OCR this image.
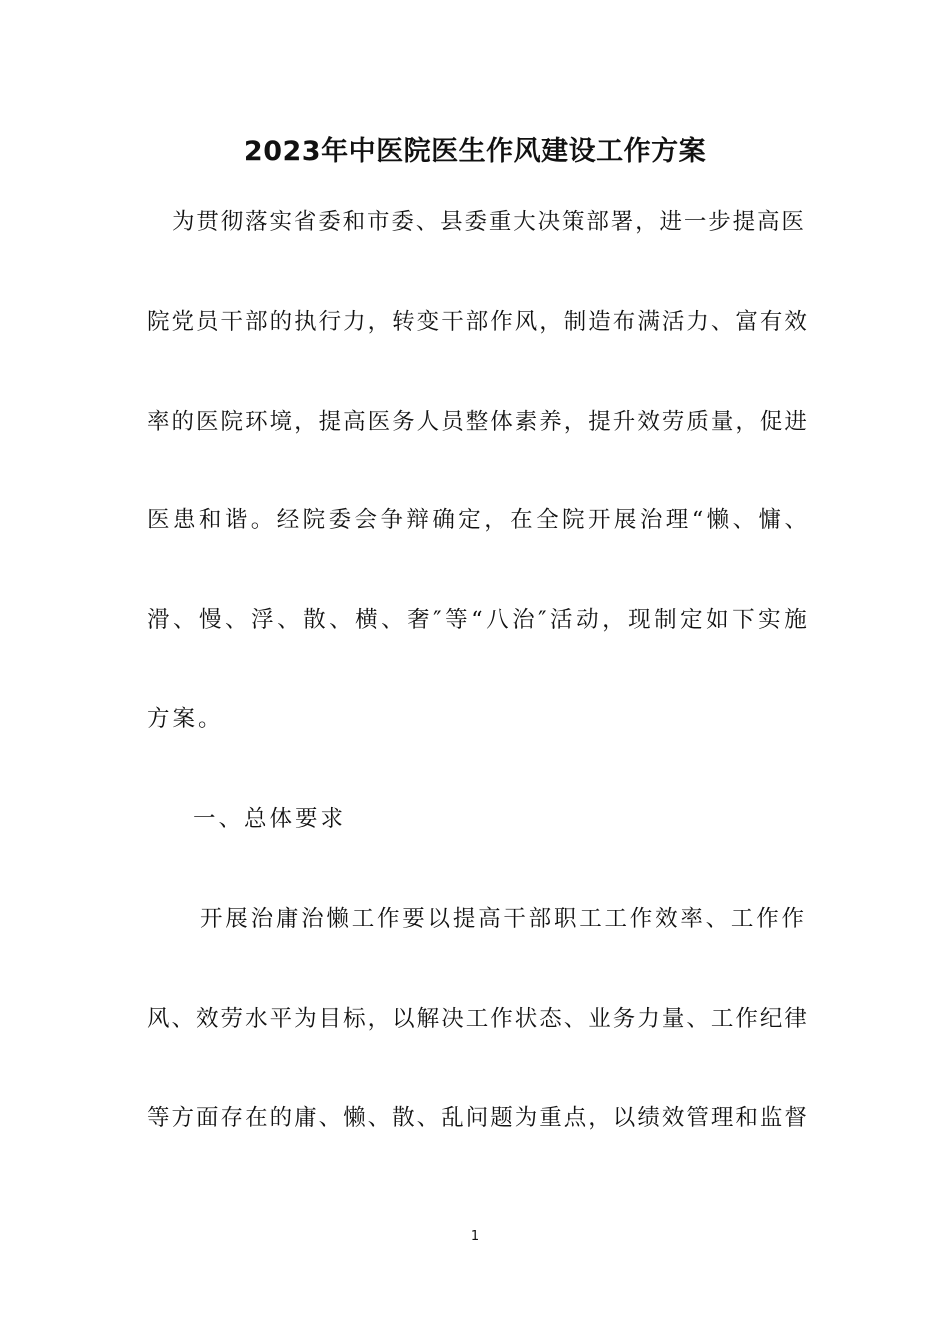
2023年中医院医生作风建设工作方案
为 贯 彻 落 实 省 委 和 市 委 、 县 委 重 大 决 策 部 署 ， 进 一 步 提 高 医
院 党 员 干 部 的 执 行 力 ， 转 变 干 部 作 风 ， 制 造 布 满 活 力 、 富 有 效
率 的 医 院 环 境 ， 提 高 医 务 人 员 整 体 素 养 ， 提 升 效 劳 质 量 ， 促 进
医 患 和 谐 。 经 院 委 会 争 辩 确 定 ， 在 全 院 开 展 治 理 “ 懒 、 慵 、
滑 、 慢 、 浮 、 散 、 横 、 奢 ″ 等 “ 八 治 ″ 活 动 ， 现 制 定 如 下 实 施
方案。
一、总体要求
开 展 治 庸 治 懒 工 作 要 以 提 高 干 部 职 工 工 作 效 率 、 工 作 作
风 、 效 劳 水 平 为 目 标 ， 以 解 决 工 作 状 态 、 业 务 力 量 、 工 作 纪 律
等 方 面 存 在 的 庸 、 懒 、 散 、 乱 问 题 为 重 点 ， 以 绩 效 管 理 和 监 督
1
